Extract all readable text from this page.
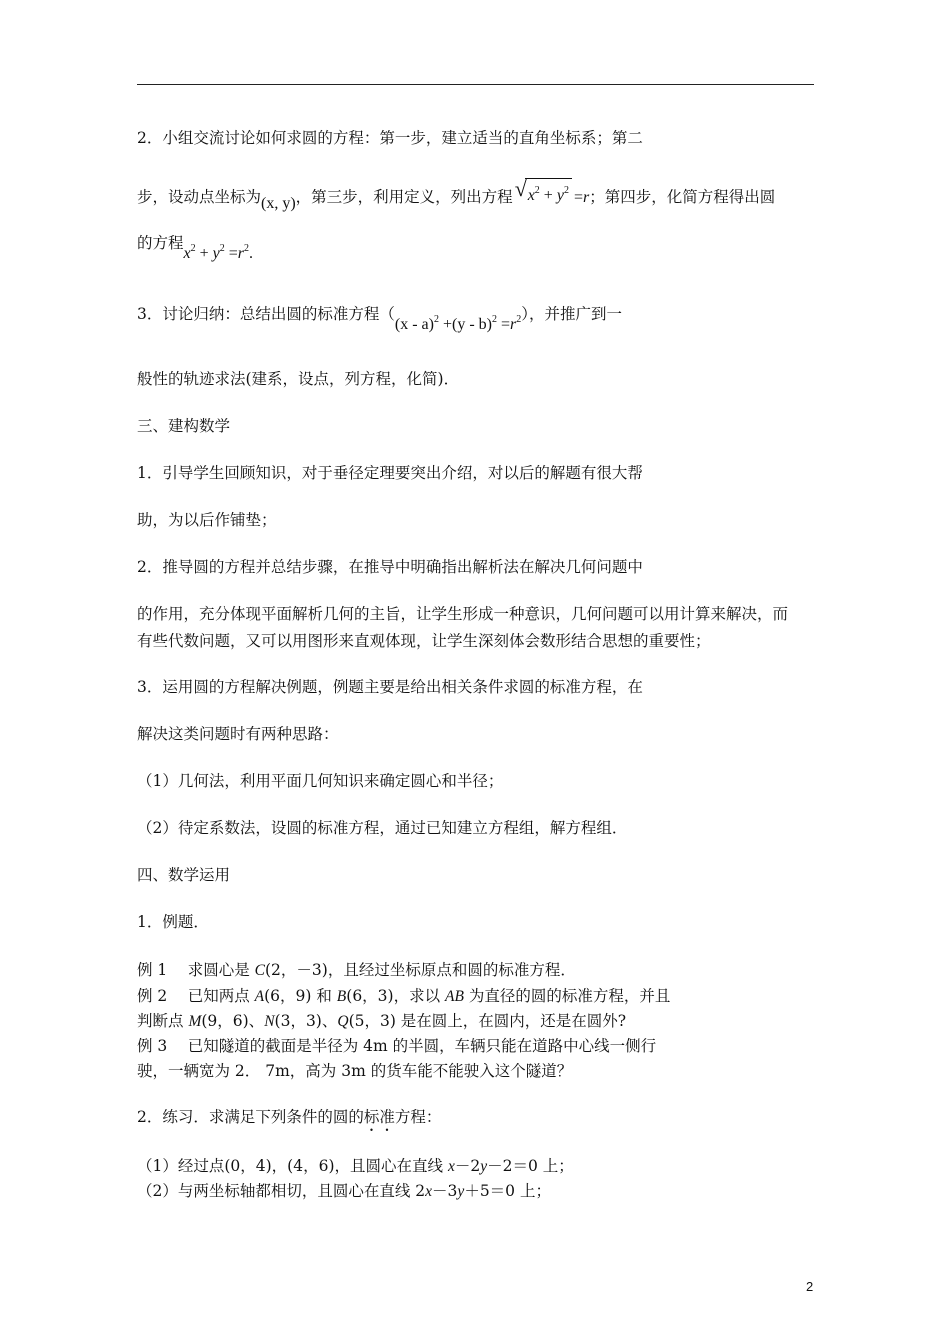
2．小组交流讨论如何求圆的方程：第一步，建立适当的直角坐标系；第二
步，设动点坐标为(x, y)，第三步，利用定义，列出方程 √ $x^2 + y^2 =r$；第四步，化简方程得出圆
的方程$x^2 + y^2 =r^2$.
3．讨论归纳：总结出圆的标准方程$((x - a)^2 +(y - b)^2 =r^2)$，并推广到一
般性的轨迹求法(建系，设点，列方程，化简)．
三、建构数学
1．引导学生回顾知识，对于垂径定理要突出介绍，对以后的解题有很大帮
助，为以后作铺垫；
2．推导圆的方程并总结步骤，在推导中明确指出解析法在解决几何问题中
的作用，充分体现平面解析几何的主旨，让学生形成一种意识，几何问题可以用计算来解决，而
有些代数问题，又可以用图形来直观体现，让学生深刻体会数形结合思想的重要性；
3．运用圆的方程解决例题，例题主要是给出相关条件求圆的标准方程，在
解决这类问题时有两种思路：
（1）几何法，利用平面几何知识来确定圆心和半径；
（2）待定系数法，设圆的标准方程，通过已知建立方程组，解方程组．
四、数学运用
1．例题．
例 1　 求圆心是 C(2，－3)，且经过坐标原点和圆的标准方程．
例 2　 已知两点 A(6，9) 和 B(6，3)，求以 AB 为直径的圆的标准方程，并且
判断点 M(9，6)、N(3，3)、Q(5，3) 是在圆上，在圆内，还是在圆外?
例 3　 已知隧道的截面是半径为 4m 的半圆，车辆只能在道路中心线一侧行
驶，一辆宽为 2． 7m，高为 3m 的货车能不能驶入这个隧道？
2．练习．求满足下列条件的圆的标准方程：
（1）经过点(0，4)，(4，6)，且圆心在直线 x－2y－2＝0 上；
（2）与两坐标轴都相切，且圆心在直线 2x－3y＋5＝0 上；
2
